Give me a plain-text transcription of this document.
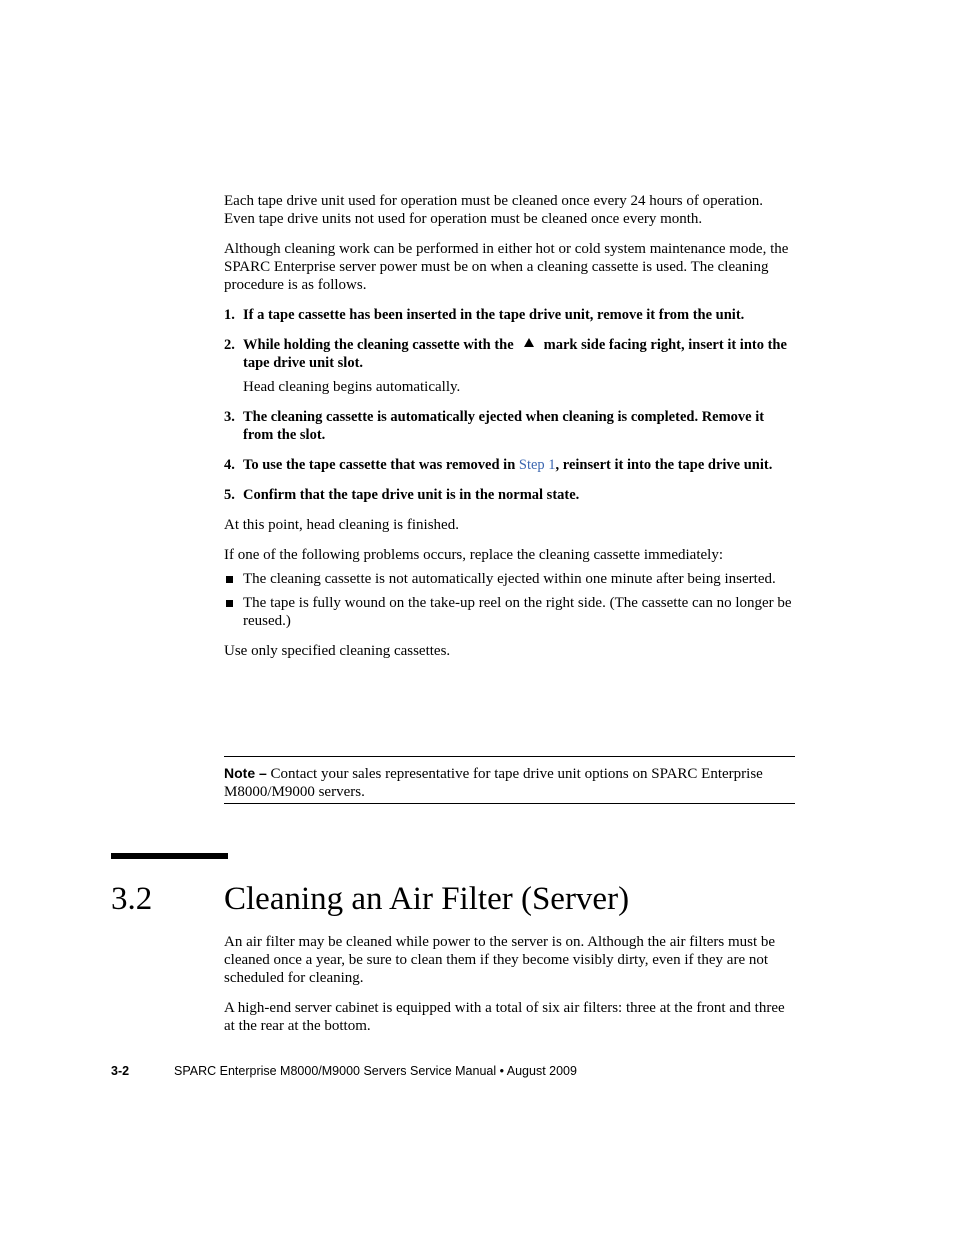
Each tape drive unit used for operation must be cleaned once every 24 hours of operation. Even tape drive units not used for operation must be cleaned once every month.

Although cleaning work can be performed in either hot or cold system maintenance mode, the SPARC Enterprise server power must be on when a cleaning cassette is used. The cleaning procedure is as follows.

1. If a tape cassette has been inserted in the tape drive unit, remove it from the unit.
2. While holding the cleaning cassette with the mark side facing right, insert it into the tape drive unit slot.
Head cleaning begins automatically.
3. The cleaning cassette is automatically ejected when cleaning is completed. Remove it from the slot.
4. To use the tape cassette that was removed in Step 1, reinsert it into the tape drive unit.
5. Confirm that the tape drive unit is in the normal state.

At this point, head cleaning is finished.

If one of the following problems occurs, replace the cleaning cassette immediately:

The cleaning cassette is not automatically ejected within one minute after being inserted.
The tape is fully wound on the take-up reel on the right side. (The cassette can no longer be reused.)

Use only specified cleaning cassettes.

Note – Contact your sales representative for tape drive unit options on SPARC Enterprise M8000/M9000 servers.
3.2 Cleaning an Air Filter (Server)

An air filter may be cleaned while power to the server is on. Although the air filters must be cleaned once a year, be sure to clean them if they become visibly dirty, even if they are not scheduled for cleaning.

A high-end server cabinet is equipped with a total of six air filters: three at the front and three at the rear at the bottom.

3-2	SPARC Enterprise M8000/M9000 Servers Service Manual • August 2009
